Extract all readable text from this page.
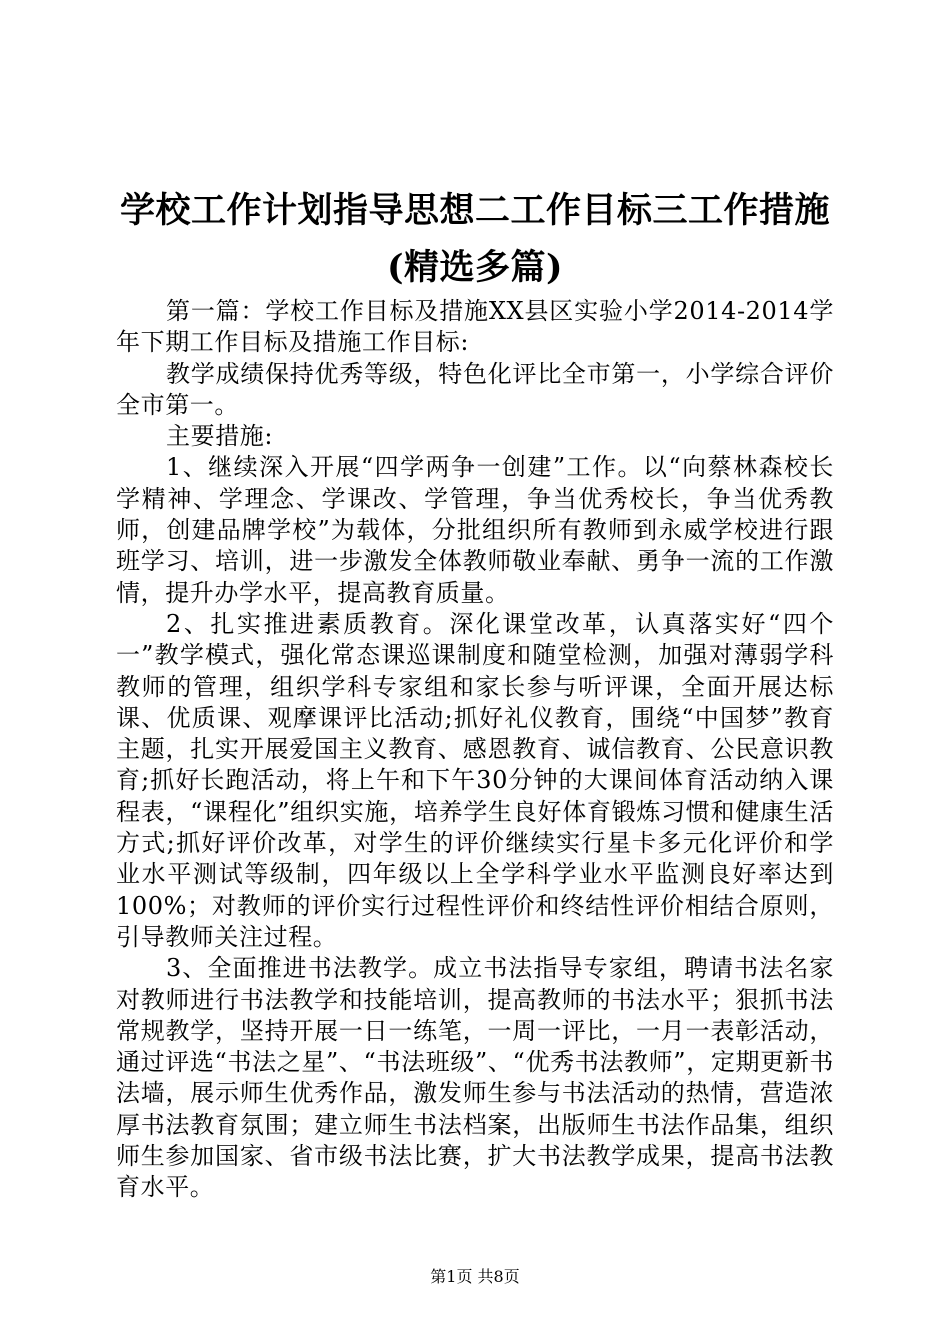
学校工作计划指导思想二工作目标三工作措施
(精选多篇)

第一篇：学校工作目标及措施XX县区实验小学2014-2014学年下期工作目标及措施工作目标:

教学成绩保持优秀等级，特色化评比全市第一，小学综合评价全市第一。

主要措施:

1、继续深入开展“四学两争一创建”工作。以“向蔡林森校长学精神、学理念、学课改、学管理，争当优秀校长，争当优秀教师，创建品牌学校”为载体，分批组织所有教师到永威学校进行跟班学习、培训，进一步激发全体教师敬业奉献、勇争一流的工作激情，提升办学水平，提高教育质量。

2、扎实推进素质教育。深化课堂改革，认真落实好“四个一”教学模式，强化常态课巡课制度和随堂检测，加强对薄弱学科教师的管理，组织学科专家组和家长参与听评课，全面开展达标课、优质课、观摩课评比活动;抓好礼仪教育，围绕“中国梦”教育主题，扎实开展爱国主义教育、感恩教育、诚信教育、公民意识教育;抓好长跑活动，将上午和下午30分钟的大课间体育活动纳入课程表，“课程化”组织实施，培养学生良好体育锻炼习惯和健康生活方式;抓好评价改革，对学生的评价继续实行星卡多元化评价和学业水平测试等级制，四年级以上全学科学业水平监测良好率达到100%；对教师的评价实行过程性评价和终结性评价相结合原则，引导教师关注过程。

3、全面推进书法教学。成立书法指导专家组，聘请书法名家对教师进行书法教学和技能培训，提高教师的书法水平；狠抓书法常规教学，坚持开展一日一练笔，一周一评比，一月一表彰活动，通过评选“书法之星”、“书法班级”、“优秀书法教师”，定期更新书法墙，展示师生优秀作品，激发师生参与书法活动的热情，营造浓厚书法教育氛围；建立师生书法档案，出版师生书法作品集，组织师生参加国家、省市级书法比赛，扩大书法教学成果，提高书法教育水平。

第1页 共8页
